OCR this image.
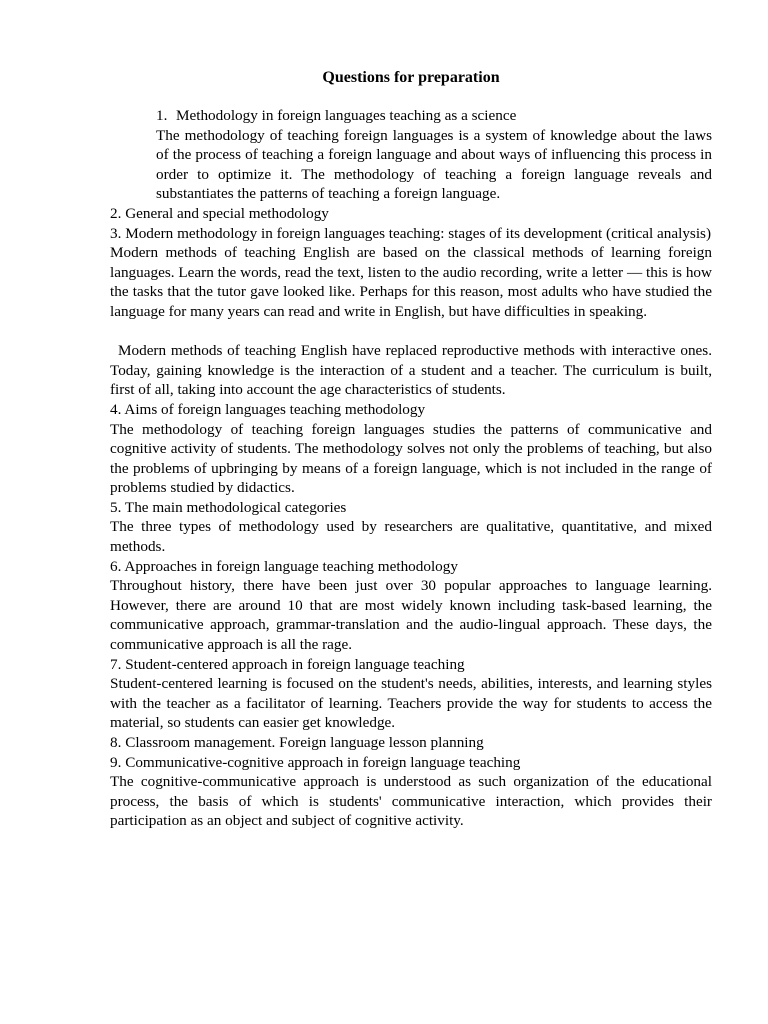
Questions for preparation
1. Methodology in foreign languages teaching as a science

The methodology of teaching foreign languages is a system of knowledge about the laws of the process of teaching a foreign language and about ways of influencing this process in order to optimize it. The methodology of teaching a foreign language reveals and substantiates the patterns of teaching a foreign language.

2. General and special methodology

3. Modern methodology in foreign languages teaching: stages of its development (critical analysis)

Modern methods of teaching English are based on the classical methods of learning foreign languages. Learn the words, read the text, listen to the audio recording, write a letter — this is how the tasks that the tutor gave looked like. Perhaps for this reason, most adults who have studied the language for many years can read and write in English, but have difficulties in speaking.

Modern methods of teaching English have replaced reproductive methods with interactive ones. Today, gaining knowledge is the interaction of a student and a teacher. The curriculum is built, first of all, taking into account the age characteristics of students.

4. Aims of foreign languages teaching methodology

The methodology of teaching foreign languages studies the patterns of communicative and cognitive activity of students. The methodology solves not only the problems of teaching, but also the problems of upbringing by means of a foreign language, which is not included in the range of problems studied by didactics.

5. The main methodological categories

The three types of methodology used by researchers are qualitative, quantitative, and mixed methods.

6. Approaches in foreign language teaching methodology

Throughout history, there have been just over 30 popular approaches to language learning. However, there are around 10 that are most widely known including task-based learning, the communicative approach, grammar-translation and the audio-lingual approach. These days, the communicative approach is all the rage.

7. Student-centered approach in foreign language teaching

Student-centered learning is focused on the student's needs, abilities, interests, and learning styles with the teacher as a facilitator of learning. Teachers provide the way for students to access the material, so students can easier get knowledge.

8. Classroom management. Foreign language lesson planning

9. Communicative-cognitive approach in foreign language teaching

The cognitive-communicative approach is understood as such organization of the educational process, the basis of which is students' communicative interaction, which provides their participation as an object and subject of cognitive activity.
